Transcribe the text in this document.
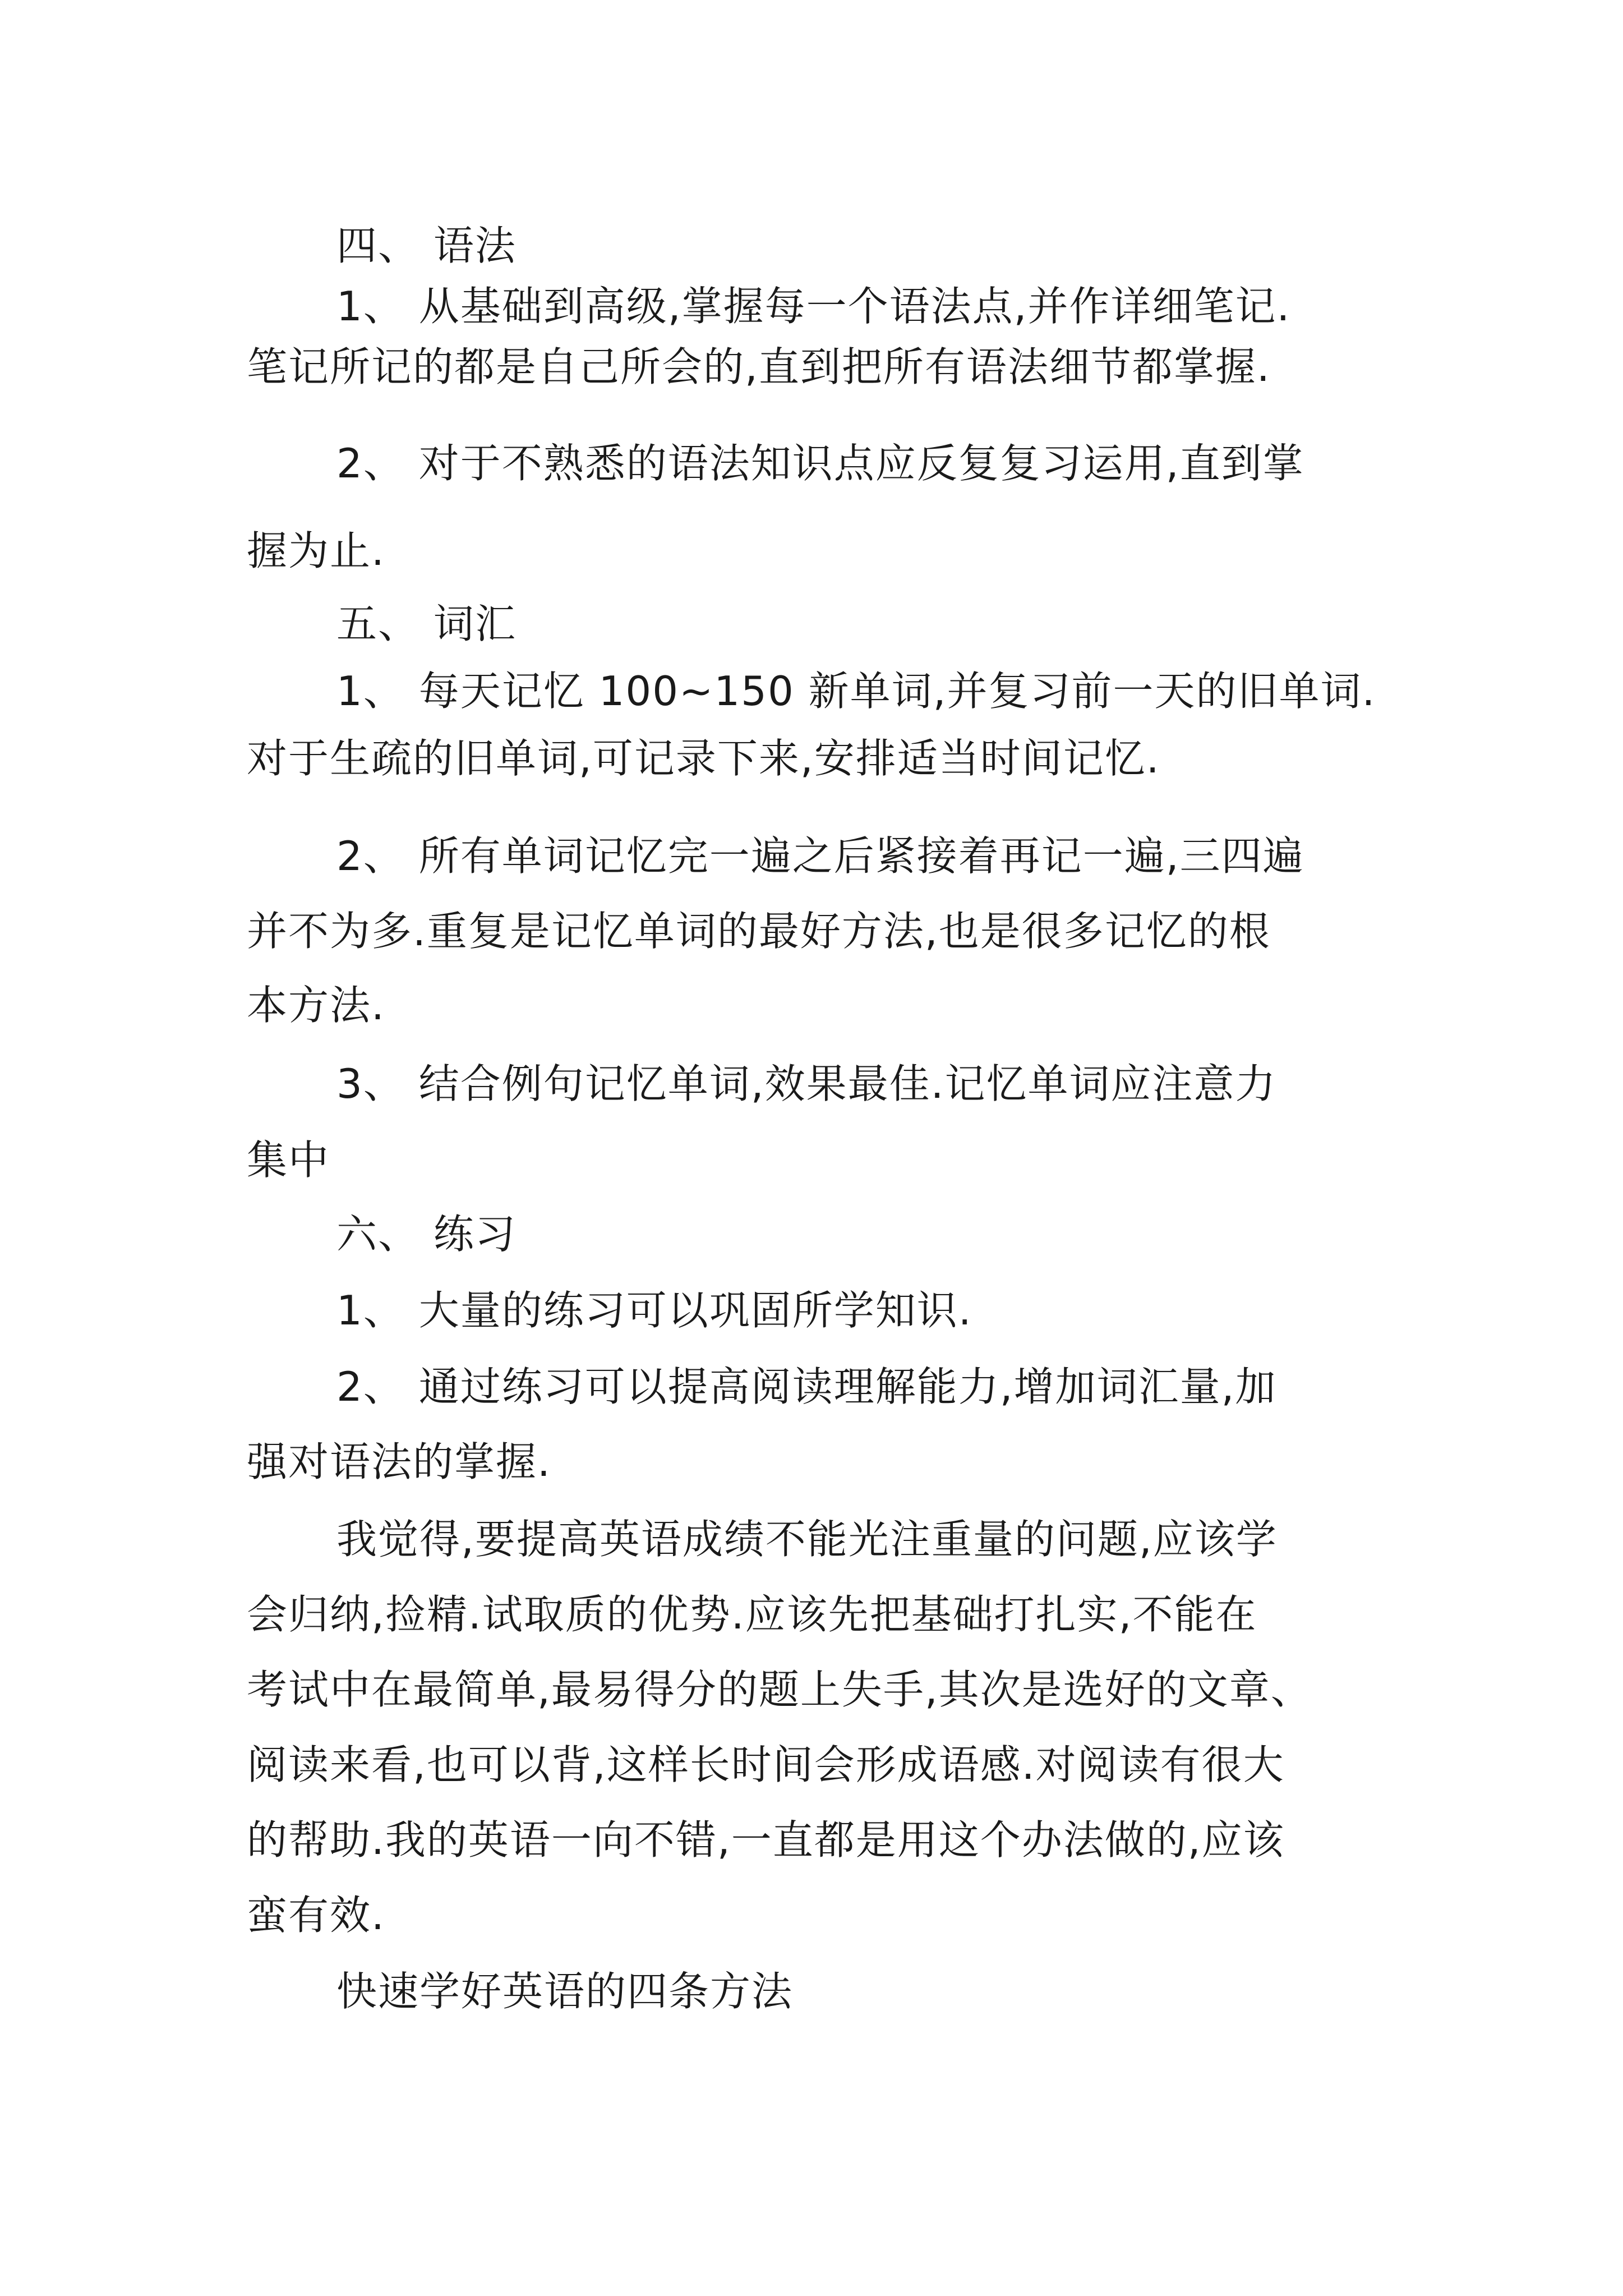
四、 语法
1、 从基础到高级,掌握每一个语法点,并作详细笔记.
笔记所记的都是自己所会的,直到把所有语法细节都掌握.
2、 对于不熟悉的语法知识点应反复复习运用,直到掌
握为止.
五、 词汇
1、 每天记忆 100~150 新单词,并复习前一天的旧单词.
对于生疏的旧单词,可记录下来,安排适当时间记忆.
2、 所有单词记忆完一遍之后紧接着再记一遍,三四遍
并不为多.重复是记忆单词的最好方法,也是很多记忆的根
本方法.
3、 结合例句记忆单词,效果最佳.记忆单词应注意力
集中
六、 练习
1、 大量的练习可以巩固所学知识.
2、 通过练习可以提高阅读理解能力,增加词汇量,加
强对语法的掌握.
我觉得,要提高英语成绩不能光注重量的问题,应该学
会归纳,捡精.试取质的优势.应该先把基础打扎实,不能在
考试中在最简单,最易得分的题上失手,其次是选好的文章、
阅读来看,也可以背,这样长时间会形成语感.对阅读有很大
的帮助.我的英语一向不错,一直都是用这个办法做的,应该
蛮有效.
快速学好英语的四条方法
